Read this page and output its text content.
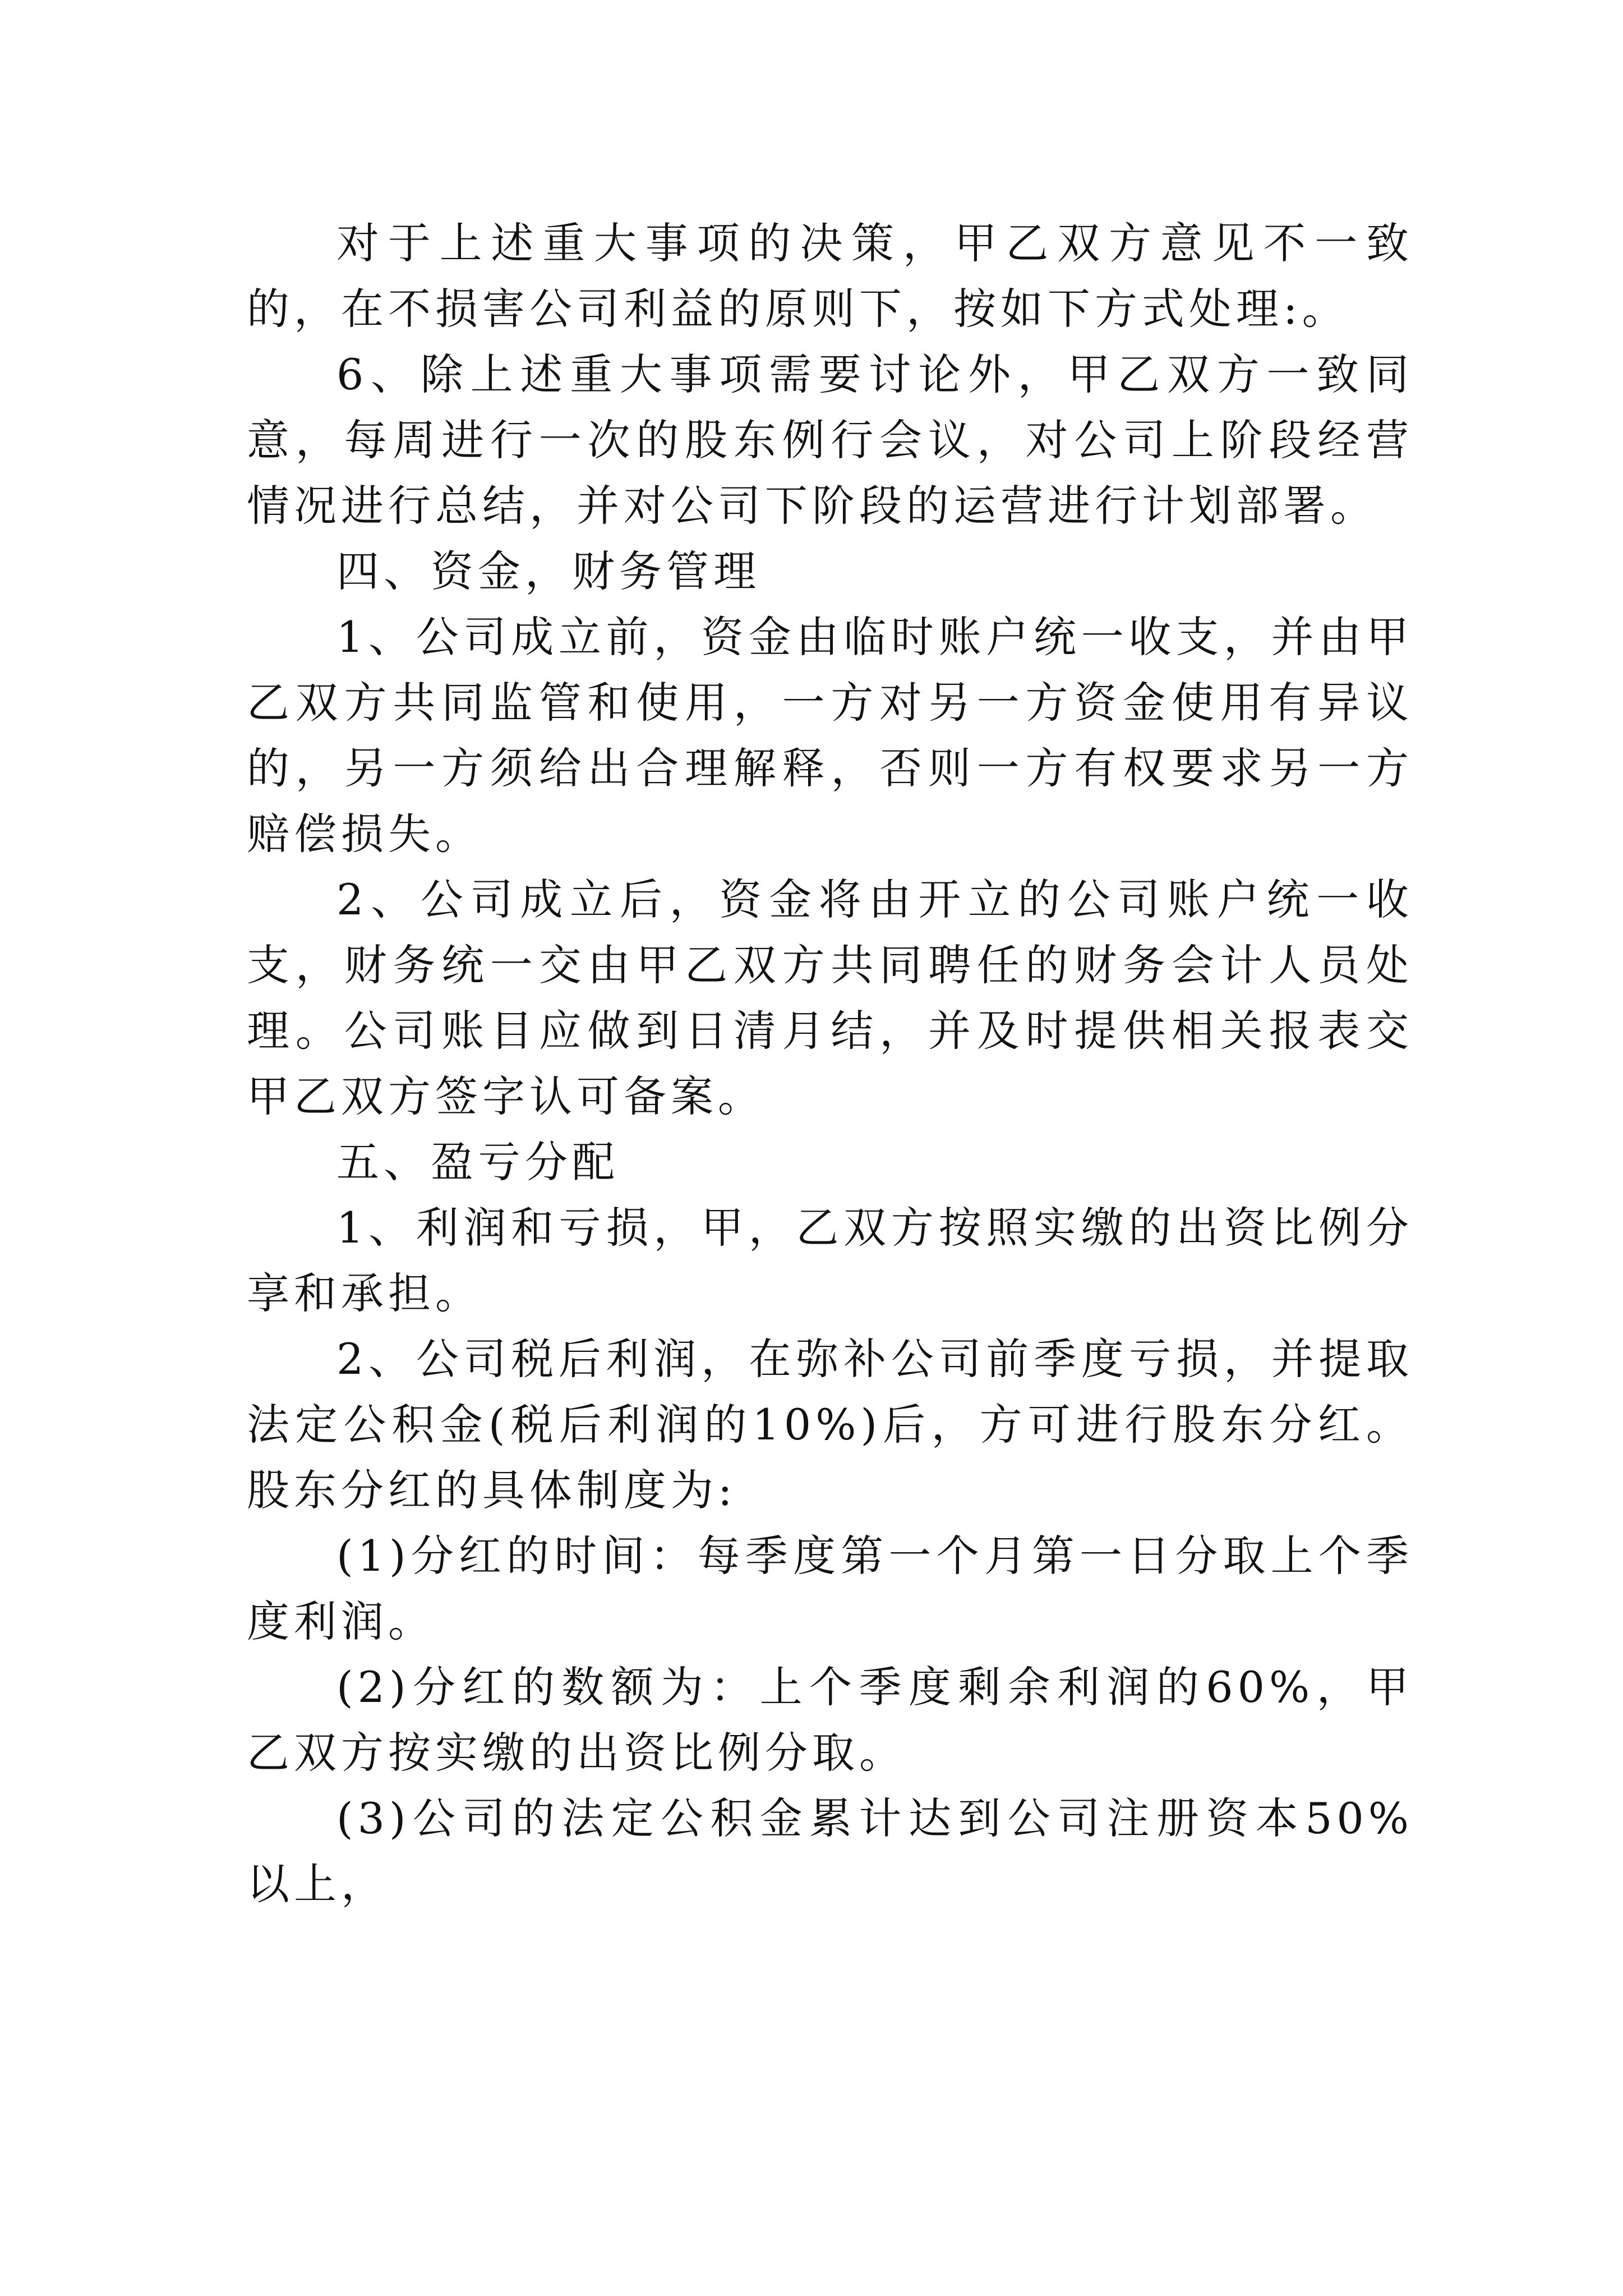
对于上述重大事项的决策，甲乙双方意见不一致的，在不损害公司利益的原则下，按如下方式处理:。

6、除上述重大事项需要讨论外，甲乙双方一致同意，每周进行一次的股东例行会议，对公司上阶段经营情况进行总结，并对公司下阶段的运营进行计划部署。

四、资金，财务管理

1、公司成立前，资金由临时账户统一收支，并由甲乙双方共同监管和使用，一方对另一方资金使用有异议的，另一方须给出合理解释，否则一方有权要求另一方赔偿损失。

2、公司成立后，资金将由开立的公司账户统一收支，财务统一交由甲乙双方共同聘任的财务会计人员处理。公司账目应做到日清月结，并及时提供相关报表交甲乙双方签字认可备案。

五、盈亏分配

1、利润和亏损，甲，乙双方按照实缴的出资比例分享和承担。

2、公司税后利润，在弥补公司前季度亏损，并提取法定公积金(税后利润的10%)后，方可进行股东分红。股东分红的具体制度为:

(1)分红的时间：每季度第一个月第一日分取上个季度利润。

(2)分红的数额为：上个季度剩余利润的60%，甲乙双方按实缴的出资比例分取。

(3)公司的法定公积金累计达到公司注册资本50%以上，
